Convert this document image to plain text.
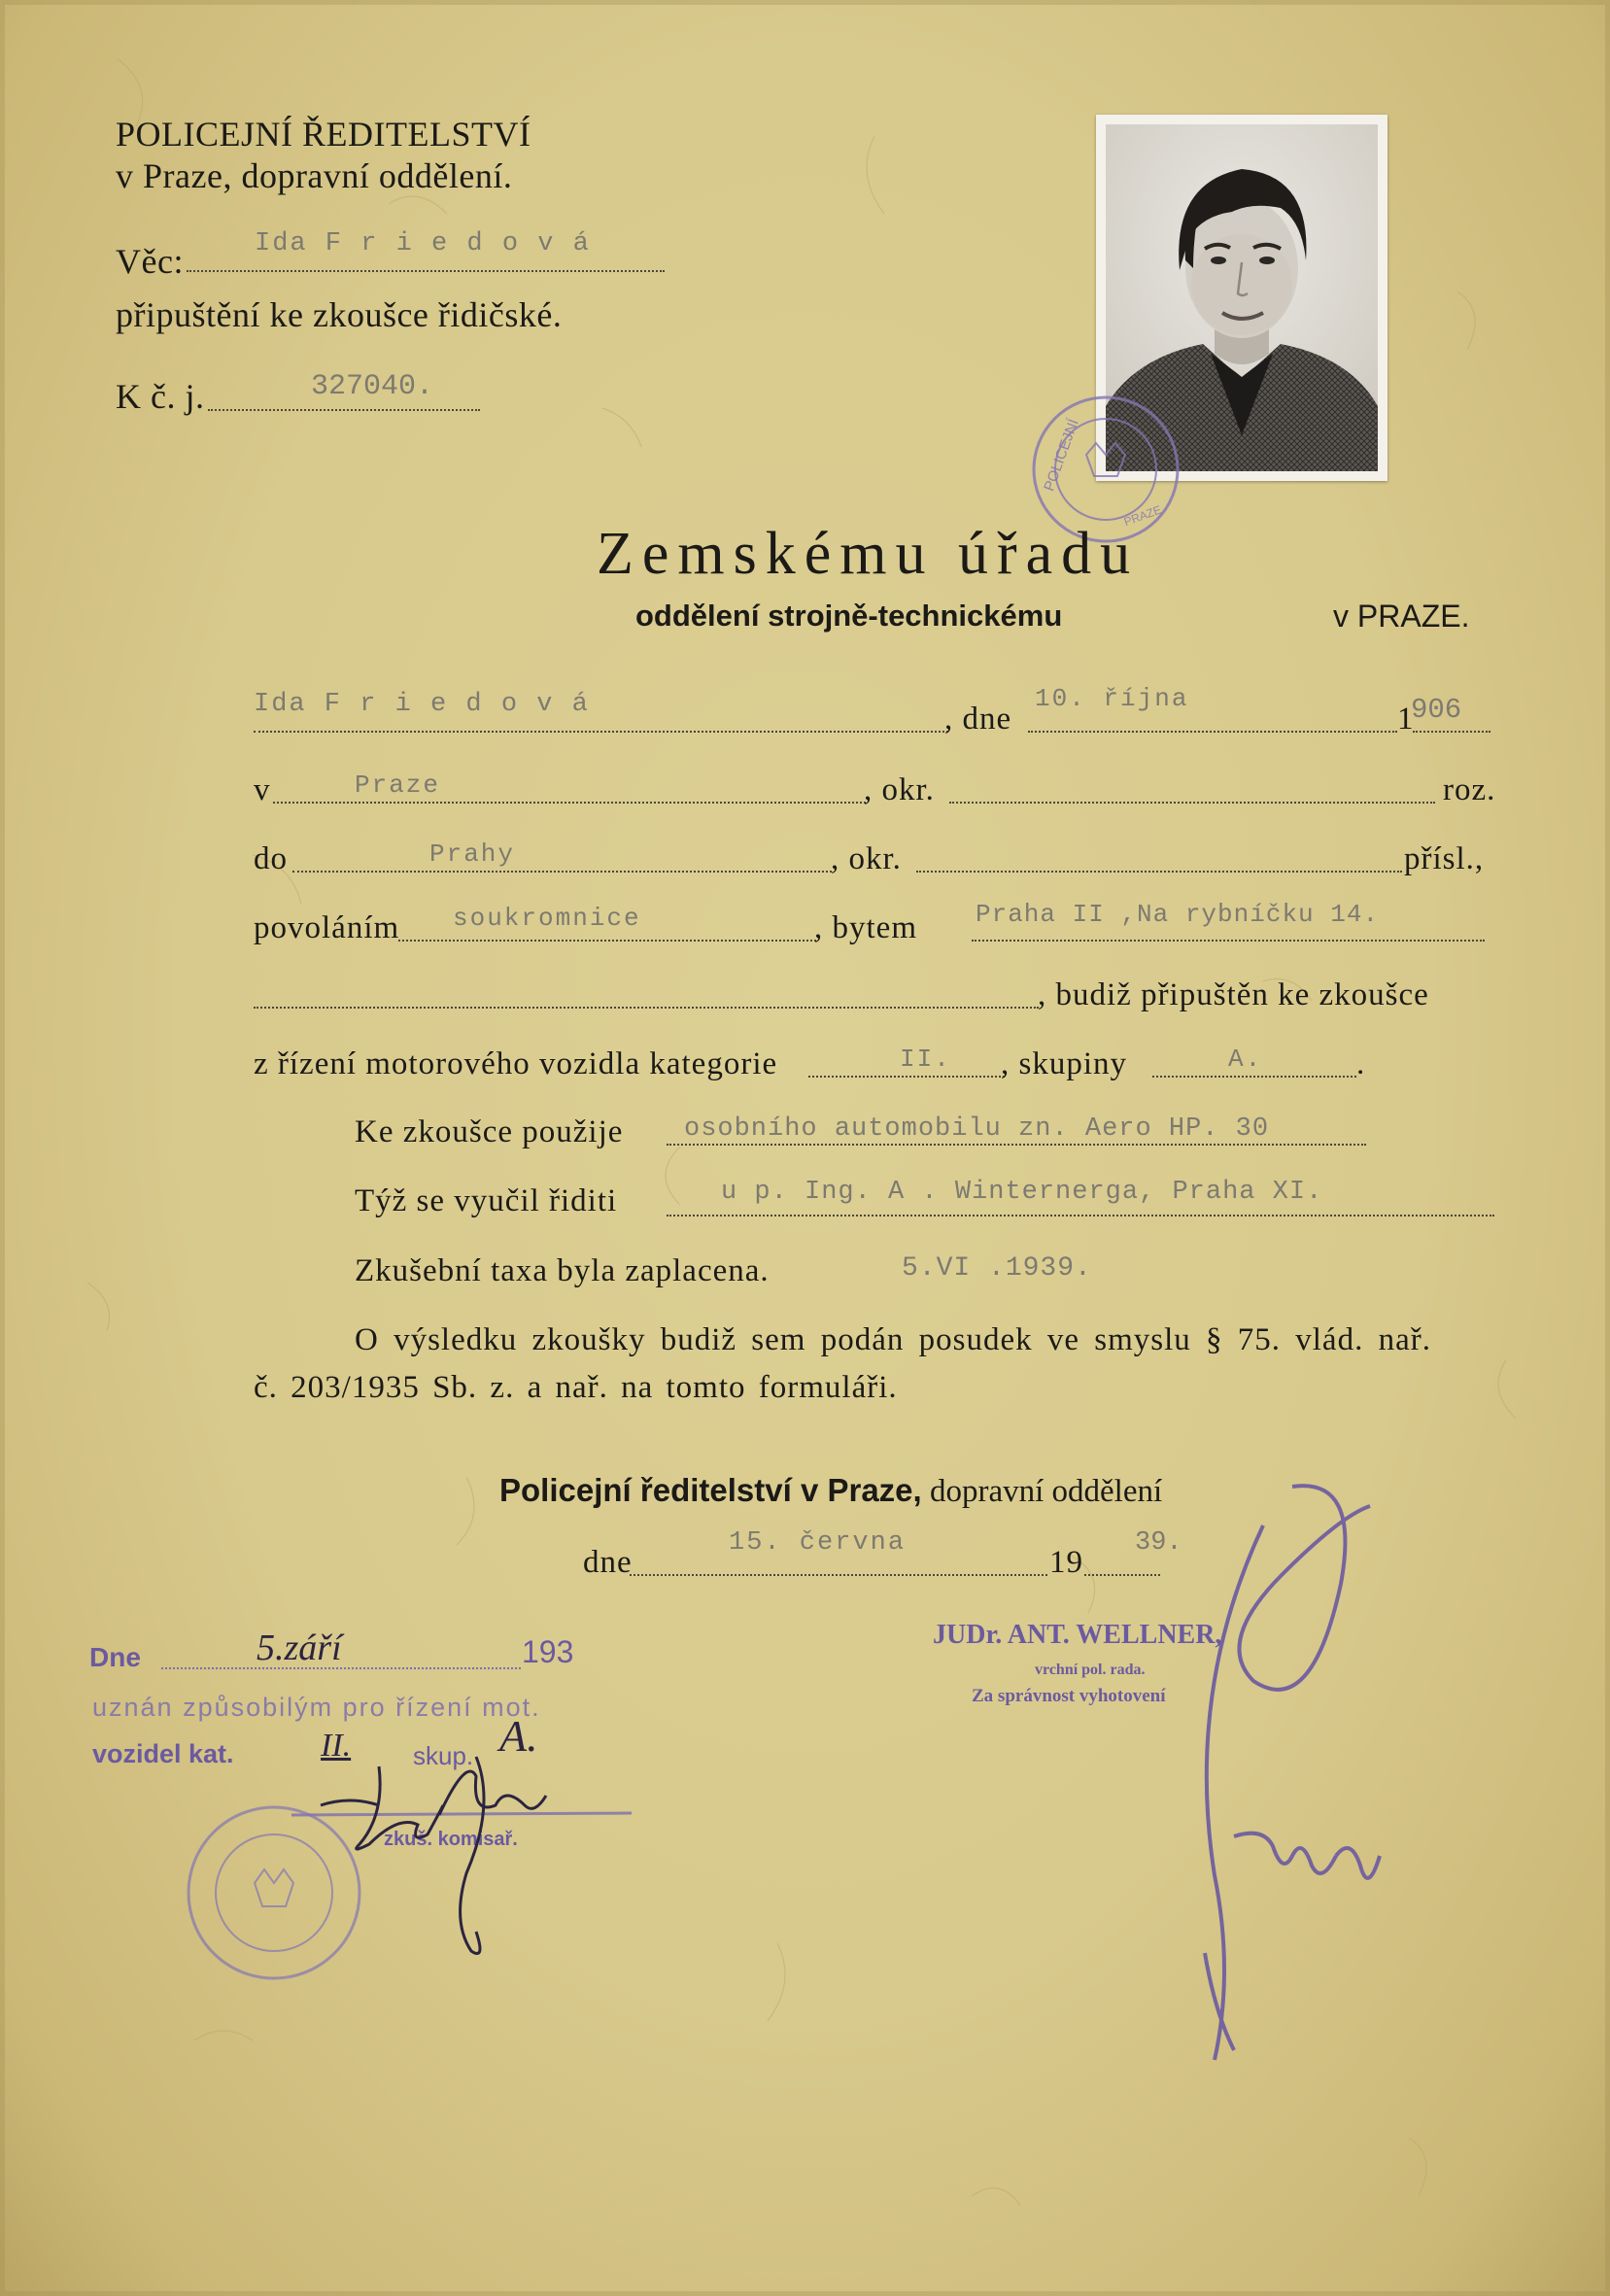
POLICEJNÍ ŘEDITELSTVÍ
v Praze, dopravní oddělení.
Věc:	Ida F r i e d o v á
připuštění ke zkoušce řidičské.
K č. j.	327040.
POLICEJNÍ
PRAZE
Zemskému úřadu
oddělení strojně-technickému	v PRAZE.
Ida F r i e d o v á	, dne
10. října
1
906
v	Praze	, okr.	roz.
do	Prahy	, okr.	přísl.,
povoláním soukromnice	, bytem Praha II ,Na rybníčku 14.
, budiž připuštěn ke zkoušce
z řízení motorového vozidla kategorie	II. , skupiny	A.	.
Ke zkoušce použije osobního automobilu zn. Aero HP. 30
Týž se vyučil řiditi	u p. Ing. A . Winternerga, Praha XI.
Zkušební taxa byla zaplacena.	5.VI .1939.
O výsledku zkoušky budiž sem podán posudek ve smyslu § 75. vlád. nař.
č. 203/1935 Sb. z. a nař. na tomto formuláři.
Policejní ředitelství v Praze, dopravní oddělení
dne
15. června
19
39.
Dne	5.září	193
uznán způsobilým pro řízení mot.
vozidel kat.	II. skup. A.
zkuš. komisař.
JUDr. ANT. WELLNER,
vrchní pol. rada.
Za správnost vyhotovení
